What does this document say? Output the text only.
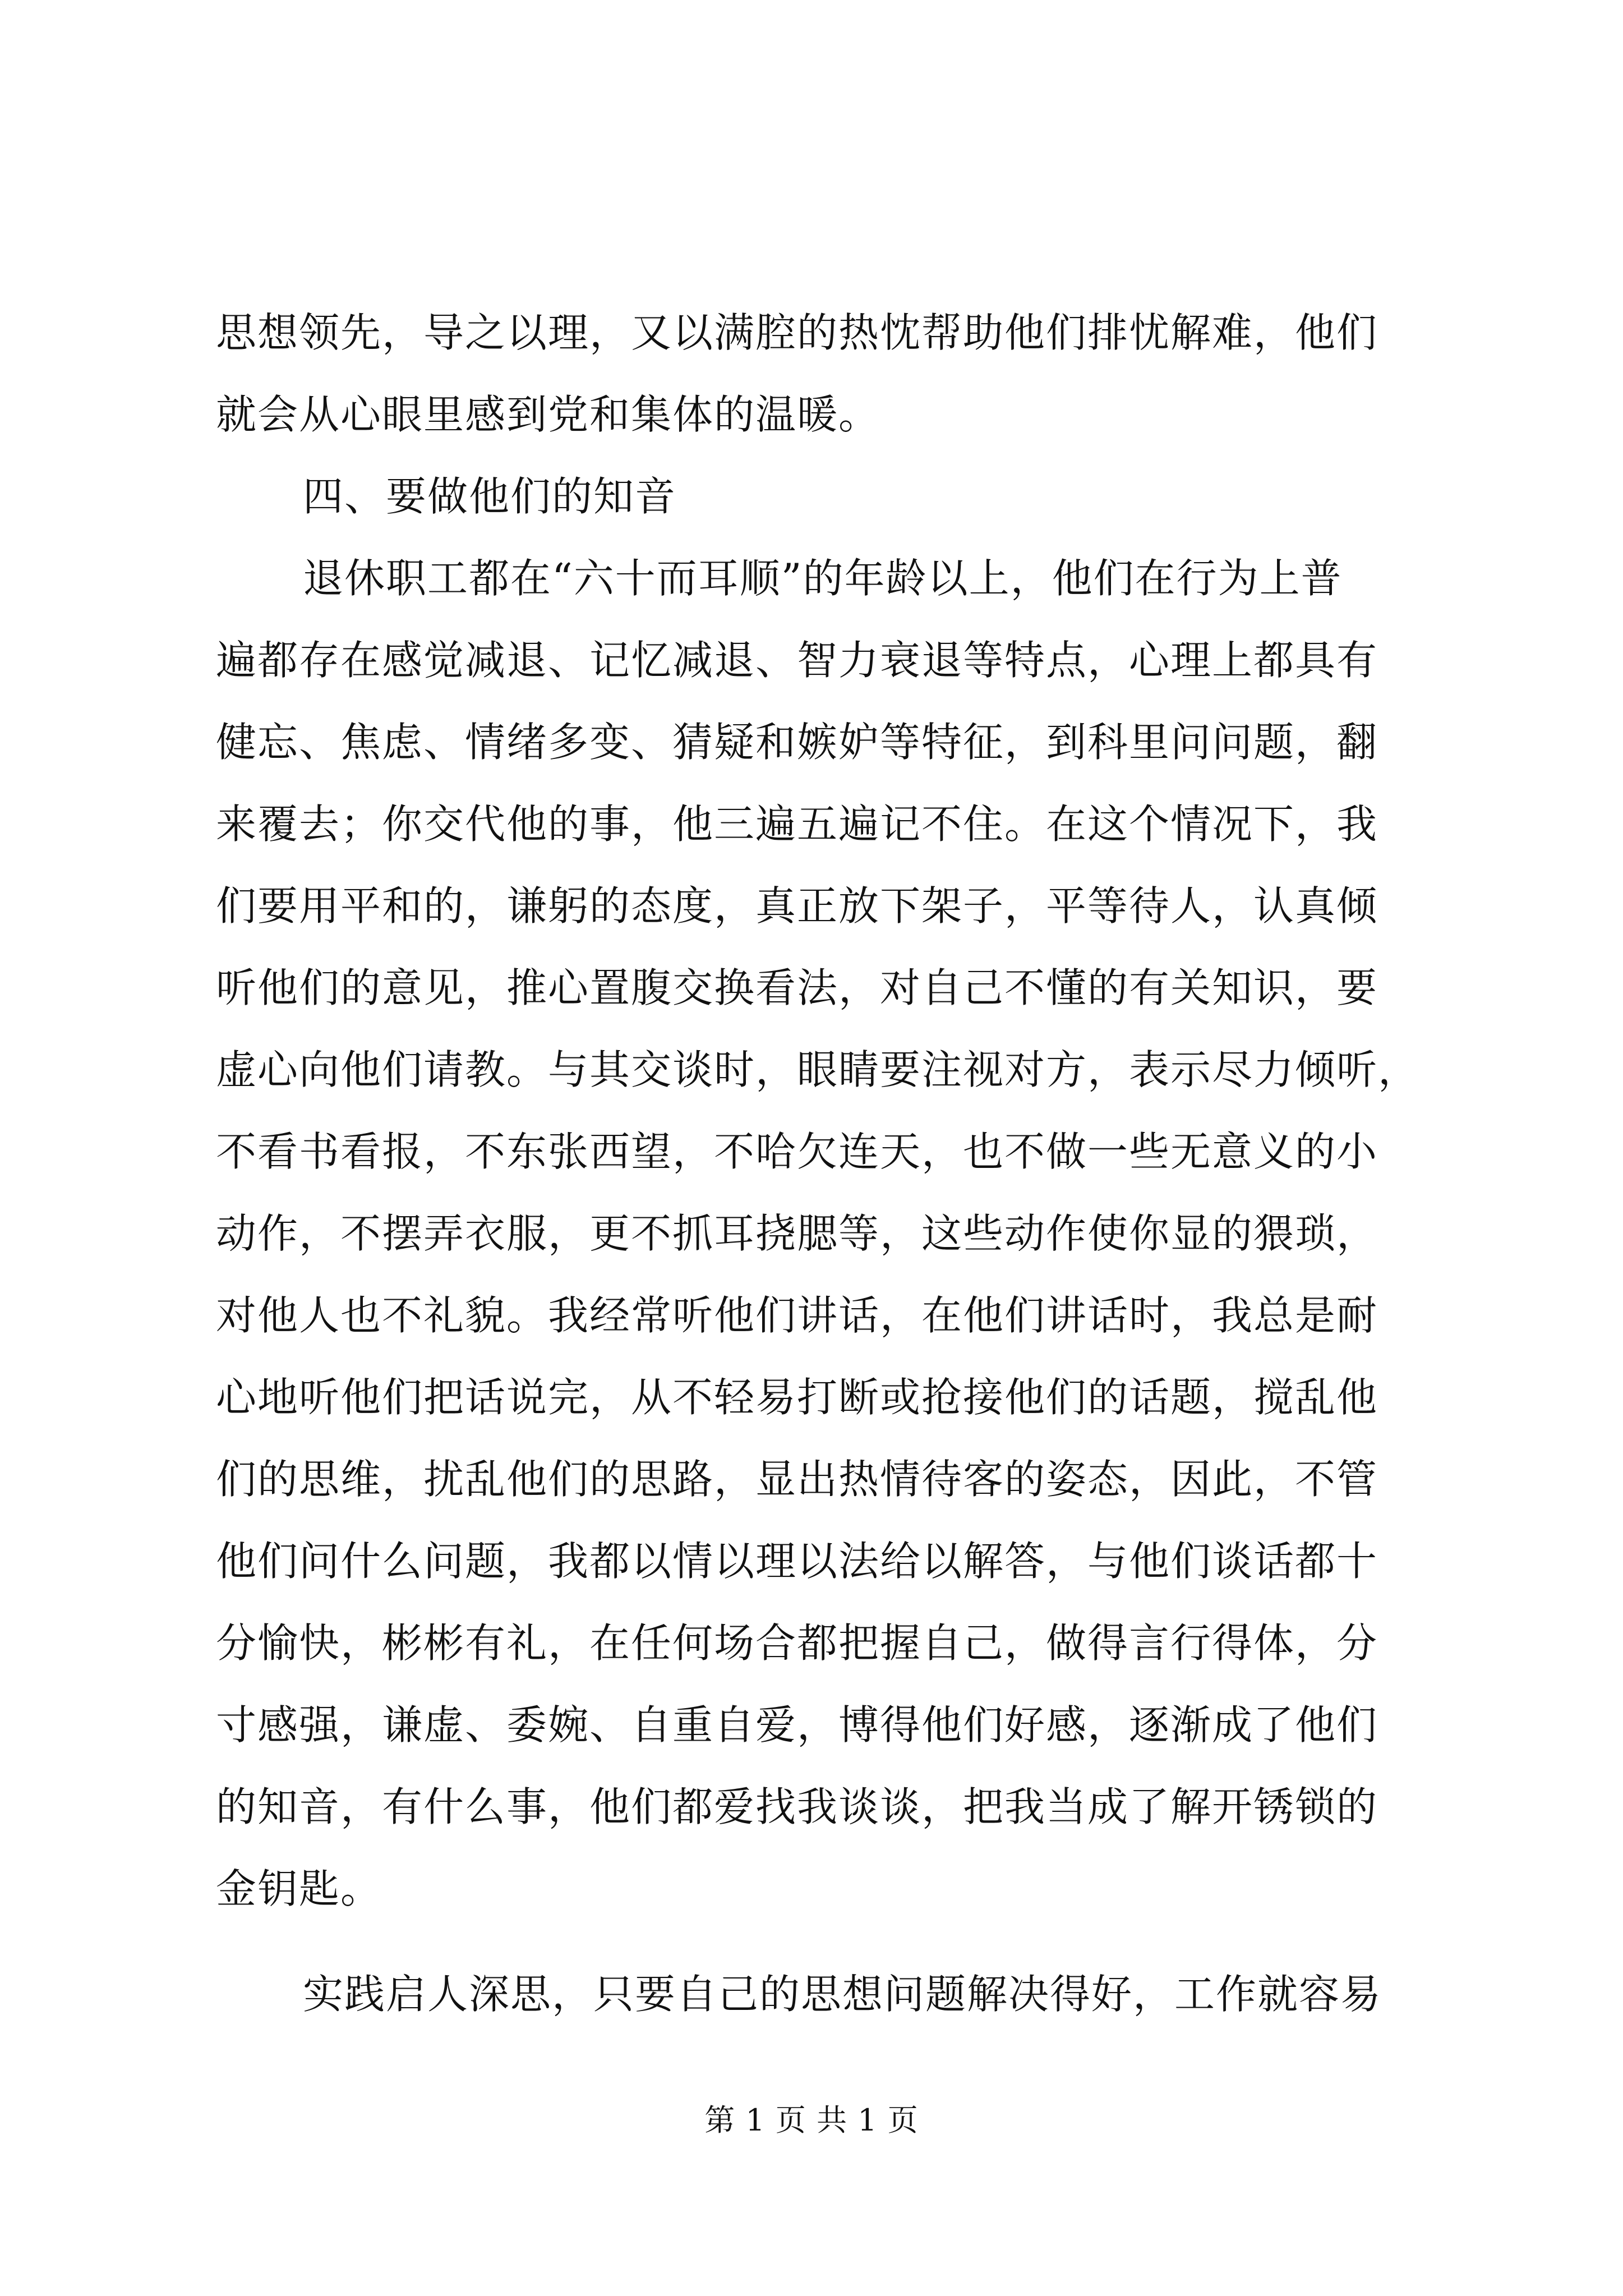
思想领先，导之以理，又以满腔的热忱帮助他们排忧解难，他们
就会从心眼里感到党和集体的温暖。
四、要做他们的知音
退休职工都在“六十而耳顺”的年龄以上，他们在行为上普
遍都存在感觉减退、记忆减退、智力衰退等特点，心理上都具有
健忘、焦虑、情绪多变、猜疑和嫉妒等特征，到科里问问题，翻
来覆去；你交代他的事，他三遍五遍记不住。在这个情况下，我
们要用平和的，谦躬的态度，真正放下架子，平等待人，认真倾
听他们的意见，推心置腹交换看法，对自己不懂的有关知识，要
虚心向他们请教。与其交谈时，眼睛要注视对方，表示尽力倾听，
不看书看报，不东张西望，不哈欠连天，也不做一些无意义的小
动作，不摆弄衣服，更不抓耳挠腮等，这些动作使你显的猥琐，
对他人也不礼貌。我经常听他们讲话，在他们讲话时，我总是耐
心地听他们把话说完，从不轻易打断或抢接他们的话题，搅乱他
们的思维，扰乱他们的思路，显出热情待客的姿态，因此，不管
他们问什么问题，我都以情以理以法给以解答，与他们谈话都十
分愉快，彬彬有礼，在任何场合都把握自己，做得言行得体，分
寸感强，谦虚、委婉、自重自爱，博得他们好感，逐渐成了他们
的知音，有什么事，他们都爱找我谈谈，把我当成了解开锈锁的
金钥匙。
实践启人深思，只要自己的思想问题解决得好，工作就容易
第 1 页 共 1 页
